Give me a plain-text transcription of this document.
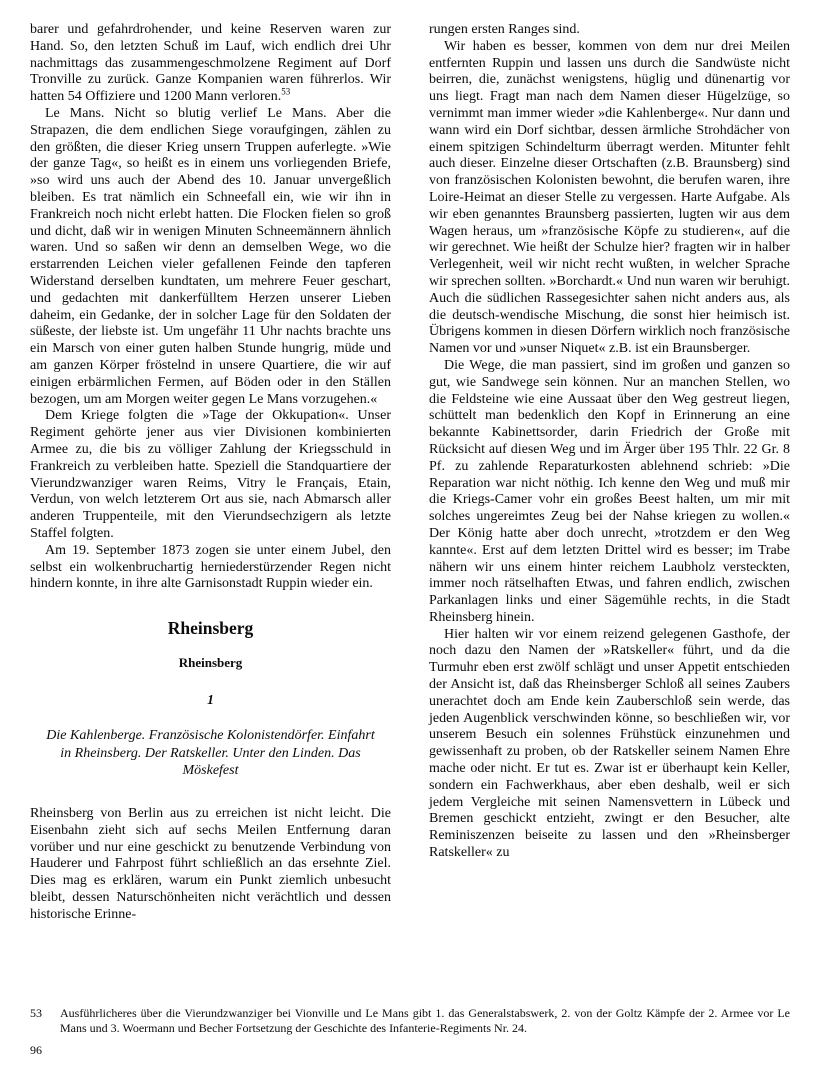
barer und gefahrdrohender, und keine Reserven waren zur Hand. So, den letzten Schuß im Lauf, wich endlich drei Uhr nachmittags das zusammengeschmolzene Regiment auf Dorf Tronville zu zurück. Ganze Kompanien waren führerlos. Wir hatten 54 Offiziere und 1200 Mann verloren.$^{53}$

Le Mans. Nicht so blutig verlief Le Mans. Aber die Strapazen, die dem endlichen Siege voraufgingen, zählen zu den größten, die dieser Krieg unsern Truppen auferlegte. »Wie der ganze Tag«, so heißt es in einem uns vorliegenden Briefe, »so wird uns auch der Abend des 10. Januar unvergeßlich bleiben. Es trat nämlich ein Schneefall ein, wie wir ihn in Frankreich noch nicht erlebt hatten. Die Flocken fielen so groß und dicht, daß wir in wenigen Minuten Schneemännern ähnlich waren. Und so saßen wir denn an demselben Wege, wo die erstarrenden Leichen vieler gefallenen Feinde den tapferen Widerstand derselben kundtaten, um mehrere Feuer geschart, und gedachten mit dankerfülltem Herzen unserer Lieben daheim, ein Gedanke, der in solcher Lage für den Soldaten der süßeste, der liebste ist. Um ungefähr 11 Uhr nachts brachte uns ein Marsch von einer guten halben Stunde hungrig, müde und am ganzen Körper fröstelnd in unsere Quartiere, die wir auf einigen erbärmlichen Fermen, auf Böden oder in den Ställen bezogen, um am Morgen weiter gegen Le Mans vorzugehen.«

Dem Kriege folgten die »Tage der Okkupation«. Unser Regiment gehörte jener aus vier Divisionen kombinierten Armee zu, die bis zu völliger Zahlung der Kriegsschuld in Frankreich zu verbleiben hatte. Speziell die Standquartiere der Vierundzwanziger waren Reims, Vitry le Français, Etain, Verdun, von welch letzterem Ort aus sie, nach Abmarsch aller anderen Truppenteile, mit den Vierundsechzigern als letzte Staffel folgten.

Am 19. September 1873 zogen sie unter einem Jubel, den selbst ein wolkenbruchartig herniederstürzender Regen nicht hindern konnte, in ihre alte Garnisonstadt Ruppin wieder ein.

Rheinsberg
Rheinsberg
1
Die Kahlenberge. Französische Kolonistendörfer. Einfahrt in Rheinsberg. Der Ratskeller. Unter den Linden. Das Möskefest

Rheinsberg von Berlin aus zu erreichen ist nicht leicht. Die Eisenbahn zieht sich auf sechs Meilen Entfernung daran vorüber und nur eine geschickt zu benutzende Verbindung von Hauderer und Fahrpost führt schließlich an das ersehnte Ziel. Dies mag es erklären, warum ein Punkt ziemlich unbesucht bleibt, dessen Naturschönheiten nicht verächtlich und dessen historische Erinne-

rungen ersten Ranges sind.

Wir haben es besser, kommen von dem nur drei Meilen entfernten Ruppin und lassen uns durch die Sandwüste nicht beirren, die, zunächst wenigstens, hüglig und dünenartig vor uns liegt. Fragt man nach dem Namen dieser Hügelzüge, so vernimmt man immer wieder »die Kahlenberge«. Nur dann und wann wird ein Dorf sichtbar, dessen ärmliche Strohdächer von einem spitzigen Schindelturm überragt werden. Mitunter fehlt auch dieser. Einzelne dieser Ortschaften (z.B. Braunsberg) sind von französischen Kolonisten bewohnt, die berufen waren, ihre Loire-Heimat an dieser Stelle zu vergessen. Harte Aufgabe. Als wir eben genanntes Braunsberg passierten, lugten wir aus dem Wagen heraus, um »französische Köpfe zu studieren«, auf die wir gerechnet. Wie heißt der Schulze hier? fragten wir in halber Verlegenheit, weil wir nicht recht wußten, in welcher Sprache wir sprechen sollten. »Borchardt.« Und nun waren wir beruhigt. Auch die südlichen Rassegesichter sahen nicht anders aus, als die deutsch-wendische Mischung, die sonst hier heimisch ist. Übrigens kommen in diesen Dörfern wirklich noch französische Namen vor und »unser Niquet« z.B. ist ein Braunsberger.

Die Wege, die man passiert, sind im großen und ganzen so gut, wie Sandwege sein können. Nur an manchen Stellen, wo die Feldsteine wie eine Aussaat über den Weg gestreut liegen, schüttelt man bedenklich den Kopf in Erinnerung an eine bekannte Kabinettsorder, darin Friedrich der Große mit Rücksicht auf diesen Weg und im Ärger über 195 Thlr. 22 Gr. 8 Pf. zu zahlende Reparaturkosten ablehnend schrieb: »Die Reparation war nicht nöthig. Ich kenne den Weg und muß mir die Kriegs-Camer vohr ein großes Beest halten, um mir mit solches ungereimtes Zeug bei der Nahse kriegen zu wollen.« Der König hatte aber doch unrecht, »trotzdem er den Weg kannte«. Erst auf dem letzten Drittel wird es besser; im Trabe nähern wir uns einem hinter reichem Laubholz versteckten, immer noch rätselhaften Etwas, und fahren endlich, zwischen Parkanlagen links und einer Sägemühle rechts, in die Stadt Rheinsberg hinein.

Hier halten wir vor einem reizend gelegenen Gasthofe, der noch dazu den Namen der »Ratskeller« führt, und da die Turmuhr eben erst zwölf schlägt und unser Appetit entschieden der Ansicht ist, daß das Rheinsberger Schloß all seines Zaubers unerachtet doch am Ende kein Zauberschloß sein werde, das jeden Augenblick verschwinden könne, so beschließen wir, vor unserem Besuch ein solennes Frühstück einzunehmen und gewissenhaft zu proben, ob der Ratskeller seinem Namen Ehre mache oder nicht. Er tut es. Zwar ist er überhaupt kein Keller, sondern ein Fachwerkhaus, aber eben deshalb, weil er sich jedem Vergleiche mit seinen Namensvettern in Lübeck und Bremen geschickt entzieht, zwingt er den Besucher, alte Reminiszenzen beiseite zu lassen und den »Rheinsberger Ratskeller« zu

53	Ausführlicheres über die Vierundzwanziger bei Vionville und Le Mans gibt 1. das Generalstabswerk, 2. von der Goltz Kämpfe der 2. Armee vor Le Mans und 3. Woermann und Becher Fortsetzung der Geschichte des Infanterie-Regiments Nr. 24.
96
